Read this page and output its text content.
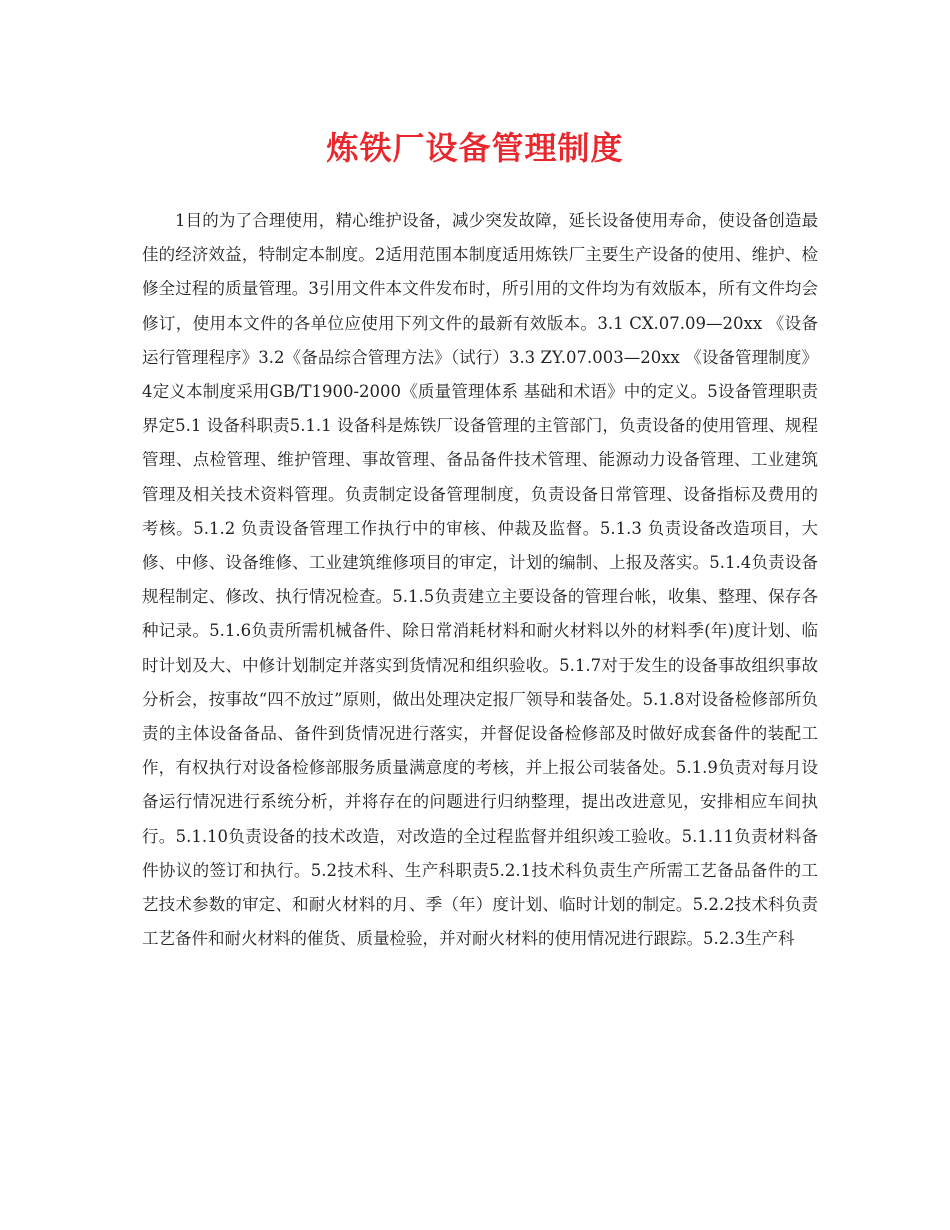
炼铁厂设备管理制度

1目的为了合理使用，精心维护设备，减少突发故障，延长设备使用寿命，使设备创造最佳的经济效益，特制定本制度。2适用范围本制度适用炼铁厂主要生产设备的使用、维护、检修全过程的质量管理。3引用文件本文件发布时，所引用的文件均为有效版本，所有文件均会修订，使用本文件的各单位应使用下列文件的最新有效版本。3.1 CX.07.09—20xx 《设备运行管理程序》3.2《备品综合管理方法》（试行）3.3 ZY.07.003—20xx 《设备管理制度》4定义本制度采用GB/T1900-2000《质量管理体系 基础和术语》中的定义。5设备管理职责界定5.1 设备科职责5.1.1 设备科是炼铁厂设备管理的主管部门，负责设备的使用管理、规程管理、点检管理、维护管理、事故管理、备品备件技术管理、能源动力设备管理、工业建筑管理及相关技术资料管理。负责制定设备管理制度，负责设备日常管理、设备指标及费用的考核。5.1.2 负责设备管理工作执行中的审核、仲裁及监督。5.1.3 负责设备改造项目，大修、中修、设备维修、工业建筑维修项目的审定，计划的编制、上报及落实。5.1.4负责设备规程制定、修改、执行情况检查。5.1.5负责建立主要设备的管理台帐，收集、整理、保存各种记录。5.1.6负责所需机械备件、除日常消耗材料和耐火材料以外的材料季(年)度计划、临时计划及大、中修计划制定并落实到货情况和组织验收。5.1.7对于发生的设备事故组织事故分析会，按事故“四不放过”原则，做出处理决定报厂领导和装备处。5.1.8对设备检修部所负责的主体设备备品、备件到货情况进行落实，并督促设备检修部及时做好成套备件的装配工作，有权执行对设备检修部服务质量满意度的考核，并上报公司装备处。5.1.9负责对每月设备运行情况进行系统分析，并将存在的问题进行归纳整理，提出改进意见，安排相应车间执行。5.1.10负责设备的技术改造，对改造的全过程监督并组织竣工验收。5.1.11负责材料备件协议的签订和执行。5.2技术科、生产科职责5.2.1技术科负责生产所需工艺备品备件的工艺技术参数的审定、和耐火材料的月、季（年）度计划、临时计划的制定。5.2.2技术科负责工艺备件和耐火材料的催货、质量检验，并对耐火材料的使用情况进行跟踪。5.2.3生产科
